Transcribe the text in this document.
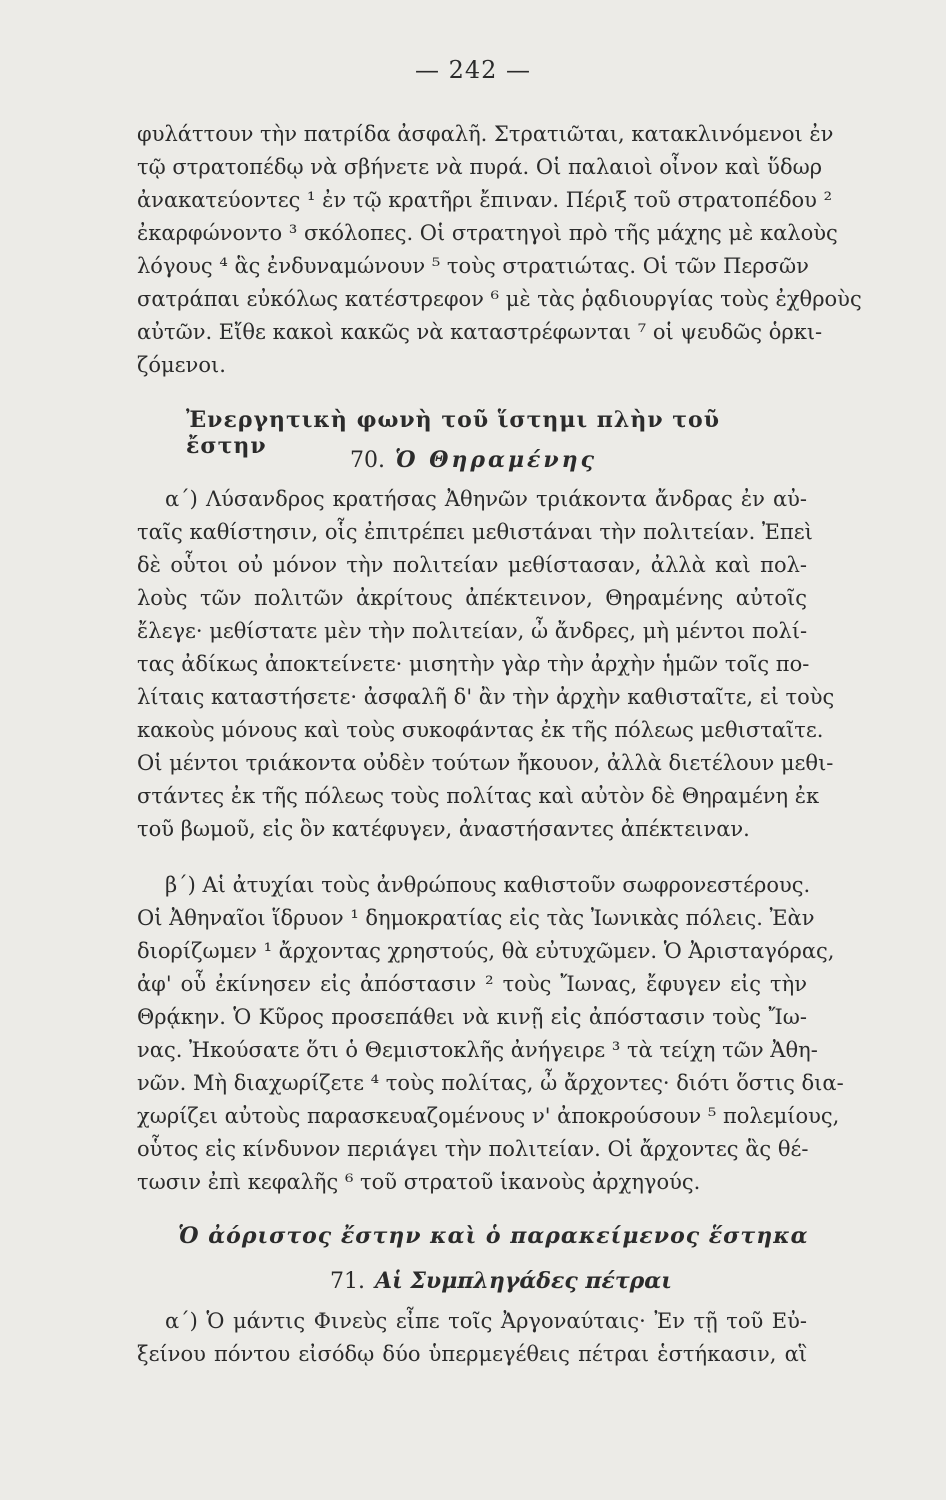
— 242 —
φυλάττουν τὴν πατρίδα ἀσφαλῆ. Στρατιῶται, κατακλινόμενοι ἐν
τῷ στρατοπέδῳ νὰ σβήνετε νὰ πυρά. Οἱ παλαιοὶ οἶνον καὶ ὕδωρ
ἀνακατεύοντες ¹ ἐν τῷ κρατῆρι ἔπιναν. Πέριξ τοῦ στρατοπέδου ²
ἐκαρφώνοντο ³ σκόλοπες. Οἱ στρατηγοὶ πρὸ τῆς μάχης μὲ καλοὺς
λόγους ⁴ ἃς ἐνδυναμώνουν ⁵ τοὺς στρατιώτας. Οἱ τῶν Περσῶν
σατράπαι εὐκόλως κατέστρεφον ⁶ μὲ τὰς ῥᾳδιουργίας τοὺς ἐχθροὺς
αὐτῶν. Εἴθε κακοὶ κακῶς νὰ καταστρέφωνται ⁷ οἱ ψευδῶς ὁρκι-
ζόμενοι.
Ἐνεργητικὴ φωνὴ τοῦ ἵστημι πλὴν τοῦ ἔστην
70. Ὁ Θηραμένης
α΄) Λύσανδρος κρατήσας Ἀθηνῶν τριάκοντα ἄνδρας ἐν αὐ-
ταῖς καθίστησιν, οἷς ἐπιτρέπει μεθιστάναι τὴν πολιτείαν. Ἐπεὶ
δὲ οὗτοι οὐ μόνον τὴν πολιτείαν μεθίστασαν, ἀλλὰ καὶ πολ-
λοὺς τῶν πολιτῶν ἀκρίτους ἀπέκτεινον, Θηραμένης αὐτοῖς
ἔλεγε· μεθίστατε μὲν τὴν πολιτείαν, ὦ ἄνδρες, μὴ μέντοι πολί-
τας ἀδίκως ἀποκτείνετε· μισητὴν γὰρ τὴν ἀρχὴν ἡμῶν τοῖς πο-
λίταις καταστήσετε· ἀσφαλῆ δ' ἂν τὴν ἀρχὴν καθισταῖτε, εἰ τοὺς
κακοὺς μόνους καὶ τοὺς συκοφάντας ἐκ τῆς πόλεως μεθισταῖτε.
Οἱ μέντοι τριάκοντα οὐδὲν τούτων ἤκουον, ἀλλὰ διετέλουν μεθι-
στάντες ἐκ τῆς πόλεως τοὺς πολίτας καὶ αὐτὸν δὲ Θηραμένη ἐκ
τοῦ βωμοῦ, εἰς ὃν κατέφυγεν, ἀναστήσαντες ἀπέκτειναν.
β΄) Αἱ ἀτυχίαι τοὺς ἀνθρώπους καθιστοῦν σωφρονεστέρους.
Οἱ Ἀθηναῖοι ἵδρυον ¹ δημοκρατίας εἰς τὰς Ἰωνικὰς πόλεις. Ἐὰν
διορίζωμεν ¹ ἄρχοντας χρηστούς, θὰ εὐτυχῶμεν. Ὁ Ἀρισταγόρας,
ἀφ' οὗ ἐκίνησεν εἰς ἀπόστασιν ² τοὺς Ἴωνας, ἔφυγεν εἰς τὴν
Θρᾴκην. Ὁ Κῦρος προσεπάθει νὰ κινῇ εἰς ἀπόστασιν τοὺς Ἴω-
νας. Ἠκούσατε ὅτι ὁ Θεμιστοκλῆς ἀνήγειρε ³ τὰ τείχη τῶν Ἀθη-
νῶν. Μὴ διαχωρίζετε ⁴ τοὺς πολίτας, ὦ ἄρχοντες· διότι ὅστις δια-
χωρίζει αὐτοὺς παρασκευαζομένους ν' ἀποκρούσουν ⁵ πολεμίους,
οὗτος εἰς κίνδυνον περιάγει τὴν πολιτείαν. Οἱ ἄρχοντες ἃς θέ-
τωσιν ἐπὶ κεφαλῆς ⁶ τοῦ στρατοῦ ἱκανοὺς ἀρχηγούς.
Ὁ ἀόριστος ἔστην καὶ ὁ παρακείμενος ἕστηκα
71. Αἱ Συμπληγάδες πέτραι
α΄) Ὁ μάντις Φινεὺς εἶπε τοῖς Ἀργοναύταις· Ἐν τῇ τοῦ Εὐ-
ξείνου πόντου εἰσόδῳ δύο ὑπερμεγέθεις πέτραι ἑστήκασιν, αἳ
